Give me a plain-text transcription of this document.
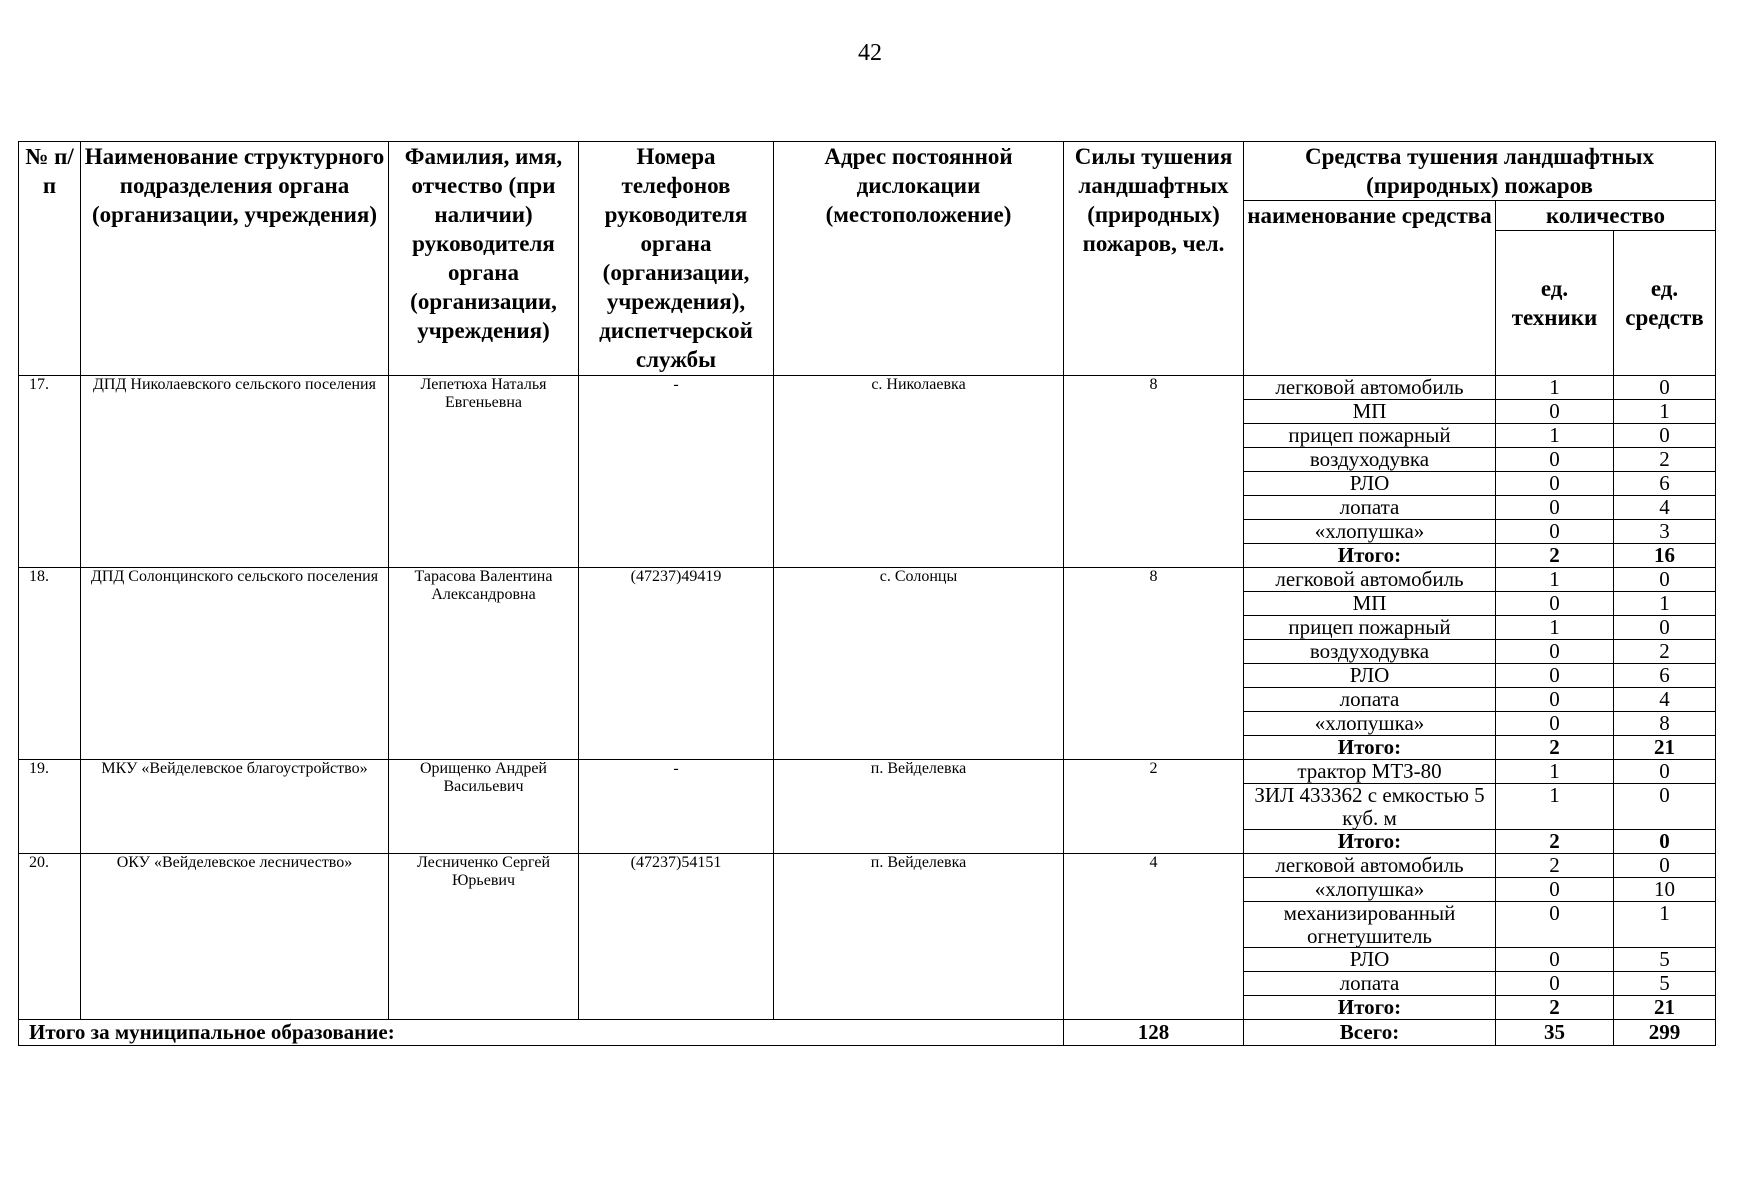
42
№ п/п	Наименование структурного подразделения органа (организации, учреждения)	Фамилия, имя, отчество (при наличии) руководителя органа (организации, учреждения)	Номера телефонов руководителя органа (организации, учреждения), диспетчерской службы	Адрес постоянной дислокации (местоположение)	Силы тушения ландшафтных (природных) пожаров, чел.	Средства тушения ландшафтных (природных) пожаров		
						наименование средства	количество	
							ед. техники	ед. средств
17.	ДПД Николаевского сельского поселения	Лепетюха Наталья Евгеньевна	-	с. Николаевка	8	легковой автомобиль	1	0
						МП	0	1
						прицеп пожарный	1	0
						воздуходувка	0	2
						РЛО	0	6
						лопата	0	4
						«хлопушка»	0	3
						Итого:	2	16
18.	ДПД Солонцинского сельского поселения	Тарасова Валентина Александровна	(47237)49419	с. Солонцы	8	легковой автомобиль	1	0
						МП	0	1
						прицеп пожарный	1	0
						воздуходувка	0	2
						РЛО	0	6
						лопата	0	4
						«хлопушка»	0	8
						Итого:	2	21
19.	МКУ «Вейделевское благоустройство»	Орищенко Андрей Васильевич	-	п. Вейделевка	2	трактор МТЗ-80	1	0
						ЗИЛ 433362 с емкостью 5 куб. м	1	0
						Итого:	2	0
20.	ОКУ «Вейделевское лесничество»	Лесниченко Сергей Юрьевич	(47237)54151	п. Вейделевка	4	легковой автомобиль	2	0
						«хлопушка»	0	10
						механизированный огнетушитель	0	1
						РЛО	0	5
						лопата	0	5
						Итого:	2	21
Итого за муниципальное образование:					128	Всего:	35	299
